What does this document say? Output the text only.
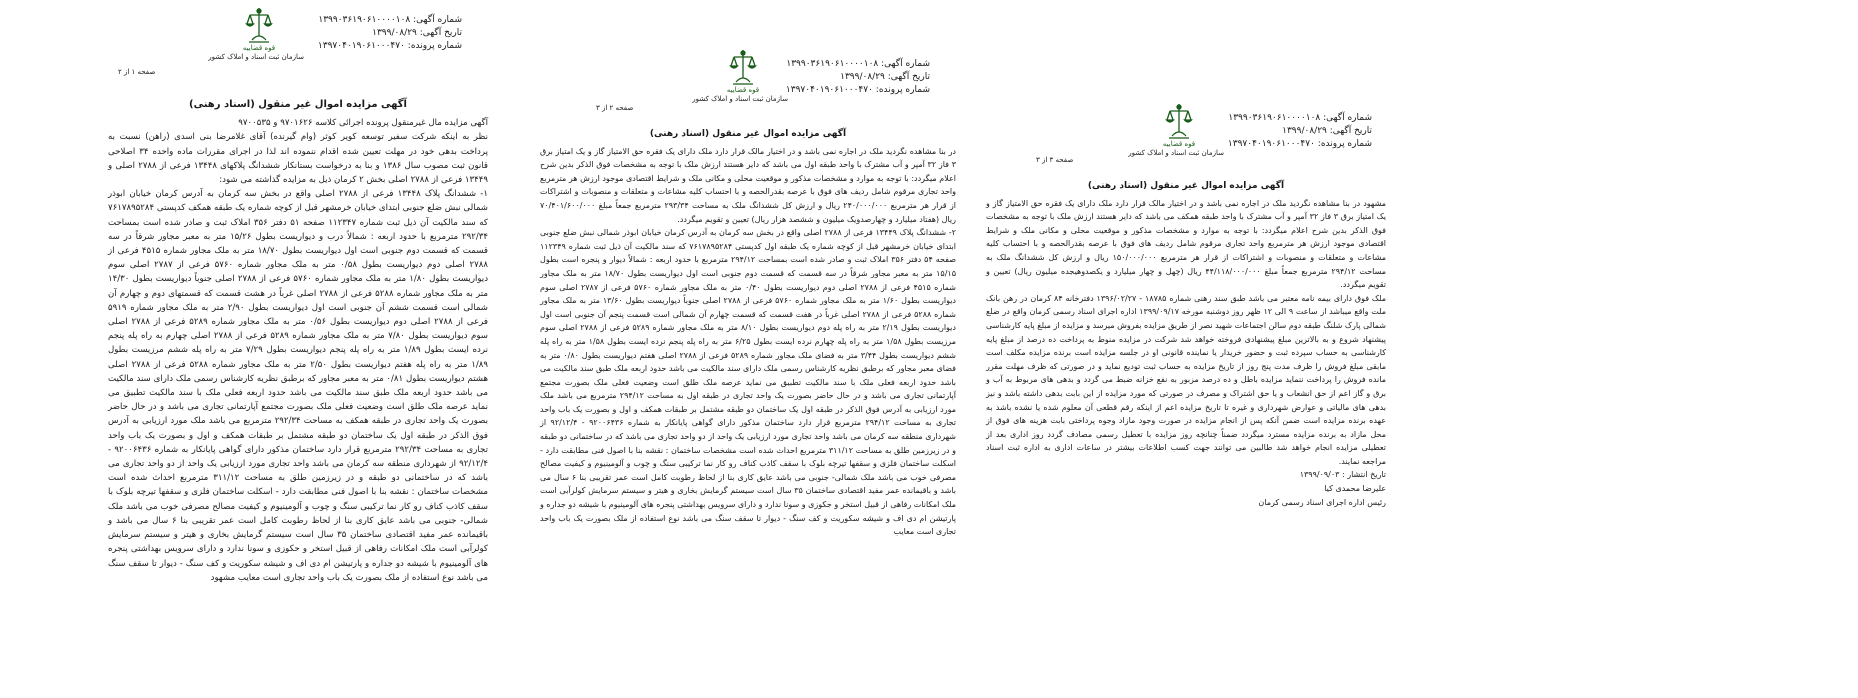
شماره آگهی: ۱۳۹۹۰۳۶۱۹۰۶۱۰۰۰۰۱۰۸
تاریخ آگهی: ۱۳۹۹/۰۸/۲۹
شماره پرونده: ۱۳۹۷۰۴۰۱۹۰۶۱۰۰۰۴۷۰
قوه قضاییه
سازمان ثبت اسناد و املاک کشور
صفحه ۱ از ۲
آگهی مزایده اموال غیر منقول (اسناد رهنی)

آگهی مزایده مال غیرمنقول پرونده اجرائی کلاسه ۹۷۰۱۶۲۶ و ۹۷۰۰۵۳۵

نظر به اینکه شرکت سفیر توسعه کویر کوثر (وام گیرنده) آقای غلامرضا بنی اسدی (راهن) نسبت به پرداخت بدهی خود در مهلت تعیین شده اقدام ننموده اند لذا در اجرای مقررات ماده واحده ۳۴ اصلاحی قانون ثبت مصوب سال ۱۳۸۶ و بنا به درخواست بستانکار ششدانگ پلاکهای ۱۳۴۴۸ فرعی از ۲۷۸۸ اصلی و ۱۳۴۴۹ فرعی از ۲۷۸۸ اصلی بخش ۲ کرمان ذیل به مزایده گذاشته می شود:

۱- ششدانگ پلاک ۱۳۴۴۸ فرعی از ۲۷۸۸ اصلی واقع در بخش سه کرمان به آدرس کرمان خیابان ابوذر شمالی نبش ضلع جنوبی ابتدای خیابان خرمشهر قبل از کوچه شماره یک طبقه همکف کدپستی ۷۶۱۷۸۹۵۲۸۴ که سند مالکیت آن ذیل ثبت شماره ۱۱۲۳۴۷ صفحه ۵۱ دفتر ۳۵۶ املاک ثبت و صادر شده است بمساحت ۲۹۲/۳۴ مترمربع با حدود اربعه : شمالاً درب و دیواریست بطول ۱۵/۲۶ متر به معبر مجاور شرقاً در سه قسمت که قسمت دوم جنوبی است اول دیواریست بطول ۱۸/۷۰ متر به ملک مجاور شماره ۴۵۱۵ فرعی از ۲۷۸۸ اصلی دوم دیواریست بطول ۰/۵۸ متر به ملک مجاور شماره ۵۷۶۰ فرعی از ۲۷۸۷ اصلی سوم دیواریست بطول ۱/۸۰ متر به ملک مجاور شماره ۵۷۶۰ فرعی از ۲۷۸۸ اصلی جنوباً دیواریست بطول ۱۴/۳۰ متر به ملک مجاور شماره ۵۲۸۸ فرعی از ۲۷۸۸ اصلی غرباً در هشت قسمت که قسمتهای دوم و چهارم آن شمالی است قسمت ششم آن جنوبی است اول دیواریست بطول ۲/۹۰ متر به ملک مجاور شماره ۵۹۱۹ فرعی از ۲۷۸۸ اصلی دوم دیواریست بطول ۰/۵۶ متر به ملک مجاور شماره ۵۲۸۹ فرعی از ۲۷۸۸ اصلی سوم دیواریست بطول ۷/۸۰ متر به ملک مجاور شماره ۵۲۸۹ فرعی از ۲۷۸۸ اصلی چهارم به راه پله پنجم نرده ایست بطول ۱/۸۹ متر به راه پله پنجم دیواریست بطول ۷/۲۹ متر به راه پله ششم مرزیست بطول ۱/۸۹ متر به راه پله هفتم دیواریست بطول ۲/۵۰ متر به ملک مجاور شماره ۵۲۸۸ فرعی از ۲۷۸۸ اصلی هشتم دیواریست بطول ۰/۸۱ متر به معبر مجاور که برطبق نظریه کارشناس رسمی ملک دارای سند مالکیت می باشد حدود اربعه ملک طبق سند مالکیت می باشد حدود اربعه فعلی ملک با سند مالکیت تطبیق می نماید عرصه ملک طلق است وضعیت فعلی ملک بصورت مجتمع آپارتمانی تجاری می باشد و در حال حاضر بصورت یک واحد تجاری در طبقه همکف به مساحت ۲۹۲/۳۴ مترمربع می باشد ملک مورد ارزیابی به آدرس فوق الذکر در طبقه اول یک ساختمان دو طبقه مشتمل بر طبقات همکف و اول و بصورت یک باب واحد تجاری به مساحت ۲۹۲/۳۴ مترمربع قرار دارد ساختمان مذکور دارای گواهی پایانکار به شماره ۹۲۰۰۶۴۳۶ - ۹۲/۱۲/۴ از شهرداری منطقه سه کرمان می باشد واحد تجاری مورد ارزیابی یک واحد از دو واحد تجاری می باشد که در ساختمانی دو طبقه و در زیرزمین طلق به مساحت ۳۱۱/۱۲ مترمربع احداث شده است مشخصات ساختمان : نقشه بنا با اصول فنی مطابقت دارد - اسکلت ساختمان فلزی و سقفها تیرچه بلوک با سقف کاذب کناف رو کار نما ترکیبی سنگ و چوب و آلومینیوم و کیفیت مصالح مصرفی خوب می باشد ملک شمالی- جنوبی می باشد عایق کاری بنا از لحاظ رطوبت کامل است عمر تقریبی بنا ۶ سال می باشد و باقیمانده عمر مفید اقتصادی ساختمان ۳۵ سال است سیستم گرمایش بخاری و هیتر و سیستم سرمایش کولرآبی است ملک امکانات رفاهی از قبیل استخر و حکوزی و سونا ندارد و دارای سرویس بهداشتی پنجره های آلومینیوم با شیشه دو جداره و پارتیشن ام دی اف و شیشه سکوریت و کف سنگ - دیوار تا سقف سنگ می باشد نوع استفاده از ملک بصورت یک باب واحد تجاری است معایب مشهود

شماره آگهی: ۱۳۹۹۰۳۶۱۹۰۶۱۰۰۰۰۱۰۸
تاریخ آگهی: ۱۳۹۹/۰۸/۲۹
شماره پرونده: ۱۳۹۷۰۴۰۱۹۰۶۱۰۰۰۴۷۰
قوه قضاییه
سازمان ثبت اسناد و املاک کشور
صفحه ۲ از ۳
آگهی مزایده اموال غیر منقول (اسناد رهنی)

در بنا مشاهده نگردید ملک در اجاره نمی باشد و در اختیار مالک قرار دارد ملک دارای یک فقره حق الامتیاز گاز و یک امتیاز برق ۳ فاز ۳۲ آمپر و آب مشترک با واحد طبقه اول می باشد که دایر هستند ارزش ملک با توجه به مشخصات فوق الذکر بدین شرح اعلام میگردد: با توجه به موارد و مشخصات مذکور و موقعیت محلی و مکانی ملک و شرایط اقتصادی موجود ارزش هر مترمربع واحد تجاری مرقوم شامل ردیف های فوق با عرصه بقدرالحصه و با احتساب کلیه مشاعات و متعلقات و منصوبات و اشتراکات از قرار هر مترمربع ۲۴۰/۰۰۰/۰۰۰ ریال و ارزش کل ششدانگ ملک به مساحت ۲۹۳/۳۴ مترمربع جمعاً مبلغ ۷۰/۴۰۱/۶۰۰/۰۰۰ ریال (هفتاد میلیارد و چهارصدویک میلیون و ششصد هزار ریال) تعیین و تقویم میگردد.

۲- ششدانگ پلاک ۱۳۴۴۹ فرعی از ۲۷۸۸ اصلی واقع در بخش سه کرمان به آدرس کرمان خیابان ابوذر شمالی نبش ضلع جنوبی ابتدای خیابان خرمشهر قبل از کوچه شماره یک طبقه اول کدپستی ۷۶۱۷۸۹۵۲۸۴ که سند مالکیت آن ذیل ثبت شماره ۱۱۲۳۴۹ صفحه ۵۴ دفتر ۳۵۶ املاک ثبت و صادر شده است بمساحت ۲۹۴/۱۲ مترمربع با حدود اربعه : شمالاً دیوار و پنجره است بطول ۱۵/۱۵ متر به معبر مجاور شرقاً در سه قسمت که قسمت دوم جنوبی است اول دیواریست بطول ۱۸/۷۰ متر به ملک مجاور شماره ۴۵۱۵ فرعی از ۲۷۸۸ اصلی دوم دیواریست بطول ۰/۴۰ متر به ملک مجاور شماره ۵۷۶۰ فرعی از ۲۷۸۷ اصلی سوم دیواریست بطول ۱/۶۰ متر به ملک مجاور شماره ۵۷۶۰ فرعی از ۲۷۸۸ اصلی جنوباً دیواریست بطول ۱۳/۶۰ متر به ملک مجاور شماره ۵۲۸۸ فرعی از ۲۷۸۸ اصلی غرباً در هفت قسمت که قسمت چهارم آن شمالی است قسمت پنجم آن جنوبی است اول دیواریست بطول ۲/۱۹ متر به راه پله دوم دیواریست بطول ۸/۱۰ متر به ملک مجاور شماره ۵۲۸۹ فرعی از ۲۷۸۸ اصلی سوم مرزیست بطول ۱/۵۸ متر به راه پله چهارم نرده ایست بطول ۶/۲۵ متر به راه پله پنجم نرده ایست بطول ۱/۵۸ متر به راه پله ششم دیواریست بطول ۳/۴۴ متر به فضای ملک مجاور شماره ۵۲۸۹ فرعی از ۲۷۸۸ اصلی هفتم دیواریست بطول ۰/۸۰ متر به فضای معبر مجاور که برطبق نظریه کارشناس رسمی ملک دارای سند مالکیت می باشد حدود اربعه ملک طبق سند مالکیت می باشد حدود اربعه فعلی ملک با سند مالکیت تطبیق می نماید عرصه ملک طلق است وضعیت فعلی ملک بصورت مجتمع آپارتمانی تجاری می باشد و در حال حاضر بصورت یک واحد تجاری در طبقه اول به مساحت ۲۹۴/۱۲ مترمربع می باشد ملک مورد ارزیابی به آدرس فوق الذکر در طبقه اول یک ساختمان دو طبقه مشتمل بر طبقات همکف و اول و بصورت یک باب واحد تجاری به مساحت ۲۹۴/۱۲ مترمربع قرار دارد ساختمان مذکور دارای گواهی پایانکار به شماره ۹۲۰۰۶۴۳۶ - ۹۲/۱۲/۴ از شهرداری منطقه سه کرمان می باشد واحد تجاری مورد ارزیابی یک واحد از دو واحد تجاری می باشد که در ساختمانی دو طبقه و در زیرزمین طلق به مساحت ۳۱۱/۱۲ مترمربع احداث شده است مشخصات ساختمان : نقشه بنا با اصول فنی مطابقت دارد - اسکلت ساختمان فلزی و سقفها تیرچه بلوک با سقف کاذب کناف رو کار نما ترکیبی سنگ و چوب و آلومینیوم و کیفیت مصالح مصرفی خوب می باشد ملک شمالی- جنوبی می باشد عایق کاری بنا از لحاظ رطوبت کامل است عمر تقریبی بنا ۶ سال می باشد و باقیمانده عمر مفید اقتصادی ساختمان ۳۵ سال است سیستم گرمایش بخاری و هیتر و سیستم سرمایش کولرآبی است ملک امکانات رفاهی از قبیل استخر و جکوزی و سونا ندارد و دارای سرویس بهداشتی پنجره های آلومینیوم با شیشه دو جداره و پارتیشن ام دی اف و شیشه سکوریت و کف سنگ - دیوار تا سقف سنگ می باشد نوع استفاده از ملک بصورت یک باب واحد تجاری است معایب

شماره آگهی: ۱۳۹۹۰۳۶۱۹۰۶۱۰۰۰۰۱۰۸
تاریخ آگهی: ۱۳۹۹/۰۸/۲۹
شماره پرونده: ۱۳۹۷۰۴۰۱۹۰۶۱۰۰۰۴۷۰
قوه قضاییه
سازمان ثبت اسناد و املاک کشور
صفحه ۳ از ۳
آگهی مزایده اموال غیر منقول (اسناد رهنی)

مشهود در بنا مشاهده نگردید ملک در اجاره نمی باشد و در اختیار مالک قرار دارد ملک دارای یک فقره حق الامتیاز گاز و یک امتیاز برق ۳ فاز ۳۲ آمپر و آب مشترک با واحد طبقه همکف می باشد که دایر هستند ارزش ملک با توجه به مشخصات فوق الذکر بدین شرح اعلام میگردد: با توجه به موارد و مشخصات مذکور و موقعیت محلی و مکانی ملک و شرایط اقتصادی موجود ارزش هر مترمربع واحد تجاری مرقوم شامل ردیف های فوق با عرصه بقدرالحصه و با احتساب کلیه مشاعات و متعلقات و منصوبات و اشتراکات از قرار هر مترمربع ۱۵۰/۰۰۰/۰۰۰ ریال و ارزش کل ششدانگ ملک به مساحت ۲۹۴/۱۲ مترمربع جمعاً مبلغ ۴۴/۱۱۸/۰۰۰/۰۰۰ ریال (چهل و چهار میلیارد و یکصدوهیجده میلیون ریال) تعیین و تقویم میگردد.

ملک فوق دارای بیمه نامه معتبر می باشد طبق سند رهنی شماره ۱۸۷۸۵ - ۱۳۹۶/۰۲/۲۷ دفترخانه ۸۴ کرمان در رهن بانک ملت واقع میباشد از ساعت ۹ الی ۱۲ ظهر روز دوشنبه مورخه ۱۳۹۹/۰۹/۱۷ اداره اجرای اسناد رسمی کرمان واقع در ضلع شمالی پارک شلنگ طبقه دوم سالن اجتماعات شهید نصر از طریق مزایده بفروش میرسد و مزایده از مبلغ پایه کارشناسی پیشنهاد شروع و به بالاترین مبلغ پیشنهادی فروخته خواهد شد شرکت در مزایده منوط به پرداخت ده درصد از مبلغ پایه کارشناسی به حساب سپرده ثبت و حضور خریدار یا نماینده قانونی او در جلسه مزایده است برنده مزایده مکلف است مابقی مبلغ فروش را ظرف مدت پنج روز از تاریخ مزایده به حساب ثبت تودیع نماید و در صورتی که ظرف مهلت مقرر مانده فروش را پرداخت ننماید مزایده باطل و ده درصد مزبور به نفع خزانه ضبط می گردد و بدهی های مربوط به آب و برق و گاز اعم از حق انشعاب و یا حق اشتراک و مصرف در صورتی که مورد مزایده از این بابت بدهی داشته باشد و نیز بدهی های مالیاتی و عوارض شهرداری و غیره تا تاریخ مزایده اعم از اینکه رقم قطعی آن معلوم شده یا نشده باشد به عهده برنده مزایده است ضمن آنکه پس از انجام مزایده در صورت وجود مازاد وجوه پرداختی بابت هزینه های فوق از محل مازاد به برنده مزایده مسترد میگردد ضمناً چنانچه روز مزایده با تعطیل رسمی مصادف گردد روز اداری بعد از تعطیلی مزایده انجام خواهد شد طالبین می توانند جهت کسب اطلاعات بیشتر در ساعات اداری به اداره ثبت اسناد مراجعه نمایند.

تاریخ انتشار : ۱۳۹۹/۰۹/۰۳
علیرضا محمدی کیا
رئیس اداره اجرای اسناد رسمی کرمان
